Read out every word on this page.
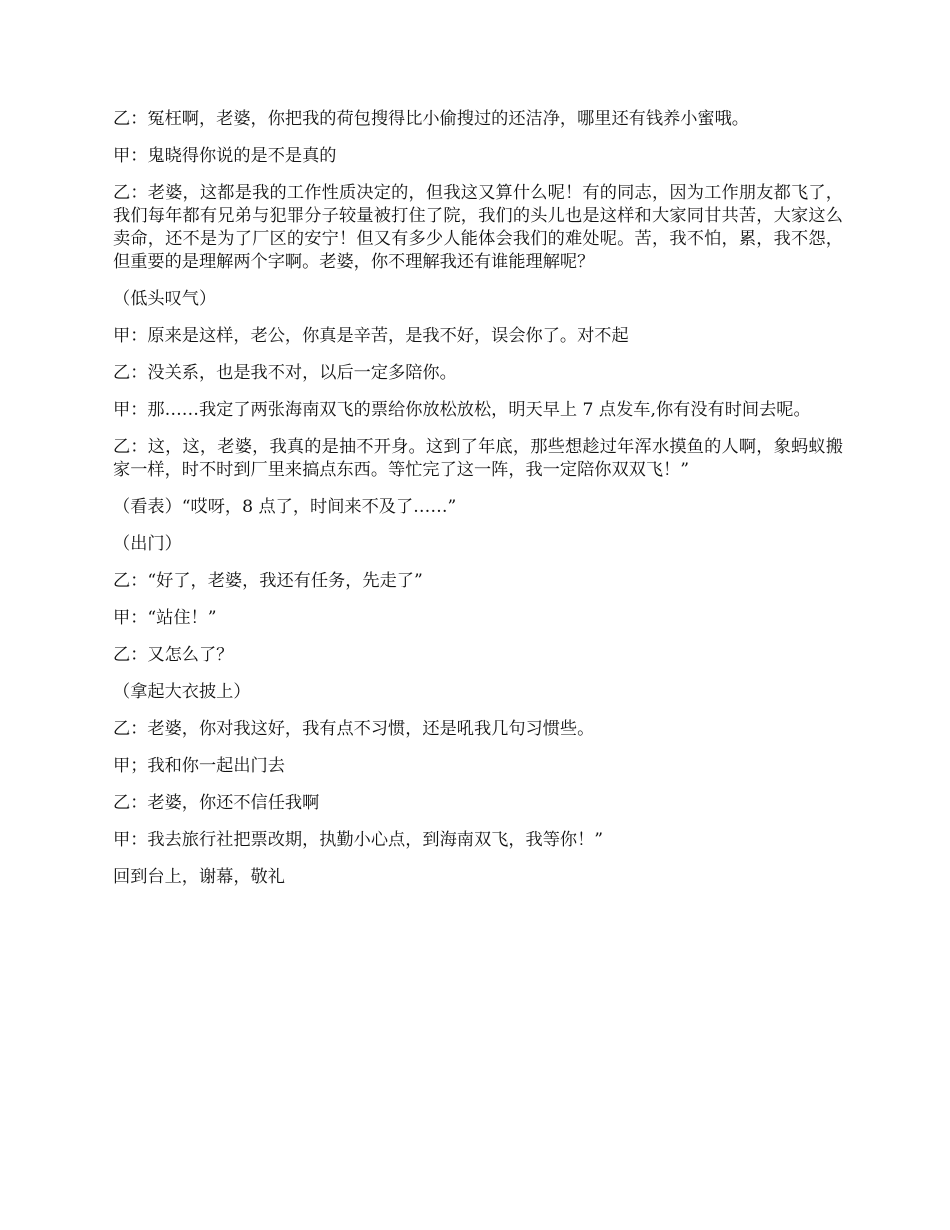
乙：冤枉啊，老婆，你把我的荷包搜得比小偷搜过的还洁净，哪里还有钱养小蜜哦。

甲：鬼晓得你说的是不是真的

乙：老婆，这都是我的工作性质决定的，但我这又算什么呢！有的同志，因为工作朋友都飞了，我们每年都有兄弟与犯罪分子较量被打住了院，我们的头儿也是这样和大家同甘共苦，大家这么卖命，还不是为了厂区的安宁！但又有多少人能体会我们的难处呢。苦，我不怕，累，我不怨，但重要的是理解两个字啊。老婆，你不理解我还有谁能理解呢？

（低头叹气）

甲：原来是这样，老公，你真是辛苦，是我不好，误会你了。对不起

乙：没关系，也是我不对，以后一定多陪你。

甲：那……我定了两张海南双飞的票给你放松放松，明天早上 7 点发车,你有没有时间去呢。

乙：这，这，老婆，我真的是抽不开身。这到了年底，那些想趁过年浑水摸鱼的人啊，象蚂蚁搬家一样，时不时到厂里来搞点东西。等忙完了这一阵，我一定陪你双双飞！”

（看表）“哎呀，8 点了，时间来不及了……”

（出门）

乙：“好了，老婆，我还有任务，先走了”

甲：“站住！”

乙：又怎么了？

（拿起大衣披上）

乙：老婆，你对我这好，我有点不习惯，还是吼我几句习惯些。

甲；我和你一起出门去

乙：老婆，你还不信任我啊

甲：我去旅行社把票改期，执勤小心点，到海南双飞，我等你！”

回到台上，谢幕，敬礼
